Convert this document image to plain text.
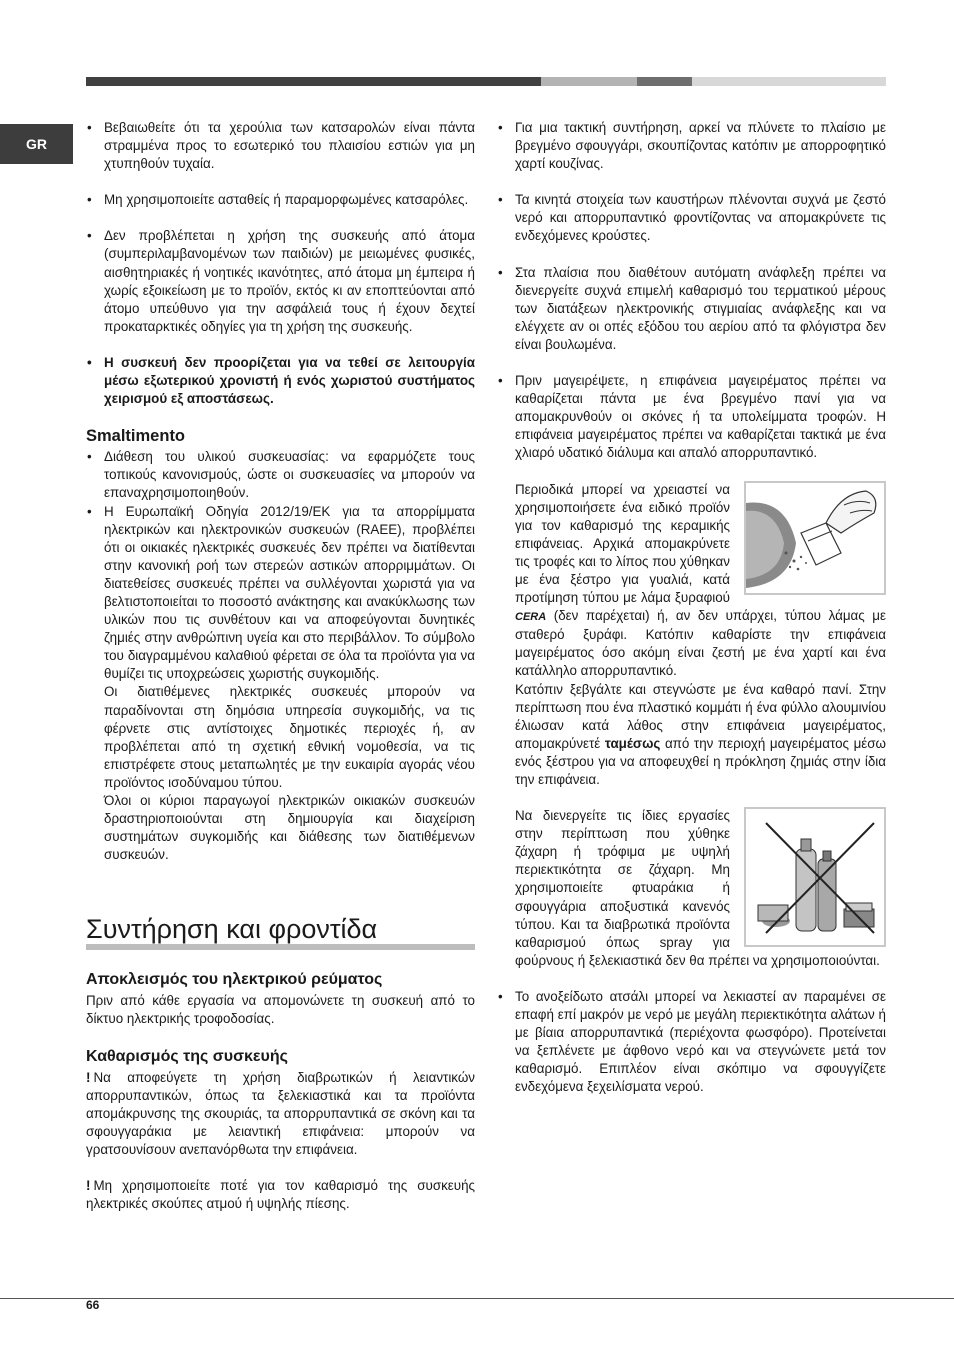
GR
• Βεβαιωθείτε ότι τα χερούλια των κατσαρολών είναι πάντα στραμμένα προς το εσωτερικό του πλαισίου εστιών για μη χτυπηθούν τυχαία.
• Μη χρησιμοποιείτε ασταθείς ή παραμορφωμένες κατσαρόλες.
• Δεν προβλέπεται η χρήση της συσκευής από άτομα (συμπεριλαμβανομένων των παιδιών) με μειωμένες φυσικές, αισθητηριακές ή νοητικές ικανότητες, από άτομα μη έμπειρα ή χωρίς εξοικείωση με το προϊόν, εκτός κι αν εποπτεύονται από άτομο υπεύθυνο για την ασφάλειά τους ή έχουν δεχτεί προκαταρκτικές οδηγίες για τη χρήση της συσκευής.
• Η συσκευή δεν προορίζεται για να τεθεί σε λειτουργία μέσω εξωτερικού χρονιστή ή ενός χωριστού συστήματος χειρισμού εξ αποστάσεως.
Smaltimento
• Διάθεση του υλικού συσκευασίας: να εφαρμόζετε τους τοπικούς κανονισμούς, ώστε οι συσκευασίες να μπορούν να επαναχρησιμοποιηθούν.
• Η Ευρωπαϊκή Οδηγία 2012/19/ΕΚ για τα απορρίμματα ηλεκτρικών και ηλεκτρονικών συσκευών (RAEE), προβλέπει ότι οι οικιακές ηλεκτρικές συσκευές δεν πρέπει να διατίθενται στην κανονική ροή των στερεών αστικών απορριμμάτων. Οι διατεθείσες συσκευές πρέπει να συλλέγονται χωριστά για να βελτιστοποιείται το ποσοστό ανάκτησης και ανακύκλωσης των υλικών που τις συνθέτουν και να αποφεύγονται δυνητικές ζημιές στην ανθρώπινη υγεία και στο περιβάλλον. Το σύμβολο του διαγραμμένου καλαθιού φέρεται σε όλα τα προϊόντα για να θυμίζει τις υποχρεώσεις χωριστής συγκομιδής.
Οι διατιθέμενες ηλεκτρικές συσκευές μπορούν να παραδίνονται στη δημόσια υπηρεσία συγκομιδής, να τις φέρνετε στις αντίστοιχες δημοτικές περιοχές ή, αν προβλέπεται από τη σχετική εθνική νομοθεσία, να τις επιστρέφετε στους μεταπωλητές με την ευκαιρία αγοράς νέου προϊόντος ισοδύναμου τύπου.
Όλοι οι κύριοι παραγωγοί ηλεκτρικών οικιακών συσκευών δραστηριοποιούνται στη δημιουργία και διαχείριση συστημάτων συγκομιδής και διάθεσης των διατιθέμενων συσκευών.
Συντήρηση και φροντίδα
Αποκλεισμός του ηλεκτρικού ρεύματος
Πριν από κάθε εργασία να απομονώνετε τη συσκευή από το δίκτυο ηλεκτρικής τροφοδοσίας.
Καθαρισμός της συσκευής
! Να αποφεύγετε τη χρήση διαβρωτικών ή λειαντικών απορρυπαντικών, όπως τα ξελεκιαστικά και τα προϊόντα απομάκρυνσης της σκουριάς, τα απορρυπαντικά σε σκόνη και τα σφουγγαράκια με λειαντική επιφάνεια: μπορούν να γρατσουνίσουν ανεπανόρθωτα την επιφάνεια.
! Μη χρησιμοποιείτε ποτέ για τον καθαρισμό της συσκευής ηλεκτρικές σκούπες ατμού ή υψηλής πίεσης.
• Για μια τακτική συντήρηση, αρκεί να πλύνετε το πλαίσιο με βρεγμένο σφουγγάρι, σκουπίζοντας κατόπιν με απορροφητικό χαρτί κουζίνας.
• Τα κινητά στοιχεία των καυστήρων πλένονται συχνά με ζεστό νερό και απορρυπαντικό φροντίζοντας να απομακρύνετε τις ενδεχόμενες κρούστες.
• Στα πλαίσια που διαθέτουν αυτόματη ανάφλεξη πρέπει να διενεργείτε συχνά επιμελή καθαρισμό του τερματικού μέρους των διατάξεων ηλεκτρονικής στιγμιαίας ανάφλεξης και να ελέγχετε αν οι οπές εξόδου του αερίου από τα φλόγιστρα δεν είναι βουλωμένα.
• Πριν μαγειρέψετε, η επιφάνεια μαγειρέματος πρέπει να καθαρίζεται πάντα με ένα βρεγμένο πανί για να απομακρυνθούν οι σκόνες ή τα υπολείμματα τροφών. Η επιφάνεια μαγειρέματος πρέπει να καθαρίζεται τακτικά με ένα χλιαρό υδατικό διάλυμα και απαλό απορρυπαντικό.
Περιοδικά μπορεί να χρειαστεί να χρησιμοποιήσετε ένα ειδικό προϊόν για τον καθαρισμό της κεραμικής επιφάνειας. Αρχικά απομακρύνετε τις τροφές και το λίπος που χύθηκαν με ένα ξέστρο για γυαλιά, κατά προτίμηση τύπου με λάμα ξυραφιού CERA (δεν παρέχεται) ή, αν δεν υπάρχει, τύπου λάμας με σταθερό ξυράφι. Κατόπιν καθαρίστε την επιφάνεια μαγειρέματος όσο ακόμη είναι ζεστή με ένα χαρτί και ένα κατάλληλο απορρυπαντικό.
Κατόπιν ξεβγάλτε και στεγνώστε με ένα καθαρό πανί. Στην περίπτωση που ένα πλαστικό κομμάτι ή ένα φύλλο αλουμινίου έλιωσαν κατά λάθος στην επιφάνεια μαγειρέματος, απομακρύνετέ ταμέσως από την περιοχή μαγειρέματος μέσω ενός ξέστρου για να αποφευχθεί η πρόκληση ζημιάς στην ίδια την επιφάνεια.
Να διενεργείτε τις ίδιες εργασίες στην περίπτωση που χύθηκε ζάχαρη ή τρόφιμα με υψηλή περιεκτικότητα σε ζάχαρη. Μη χρησιμοποιείτε φτυαράκια ή σφουγγάρια αποξυστικά κανενός τύπου. Και τα διαβρωτικά προϊόντα καθαρισμού όπως spray για φούρνους ή ξελεκιαστικά δεν θα πρέπει να χρησιμοποιούνται.
• Το ανοξείδωτο ατσάλι μπορεί να λεκιαστεί αν παραμένει σε επαφή επί μακρόν με νερό με μεγάλη περιεκτικότητα αλάτων ή με βίαια απορρυπαντικά (περιέχοντα φωσφόρο). Προτείνεται να ξεπλένετε με άφθονο νερό και να στεγνώνετε μετά τον καθαρισμό. Επιπλέον είναι σκόπιμο να σφουγγίζετε ενδεχόμενα ξεχειλίσματα νερού.
66
